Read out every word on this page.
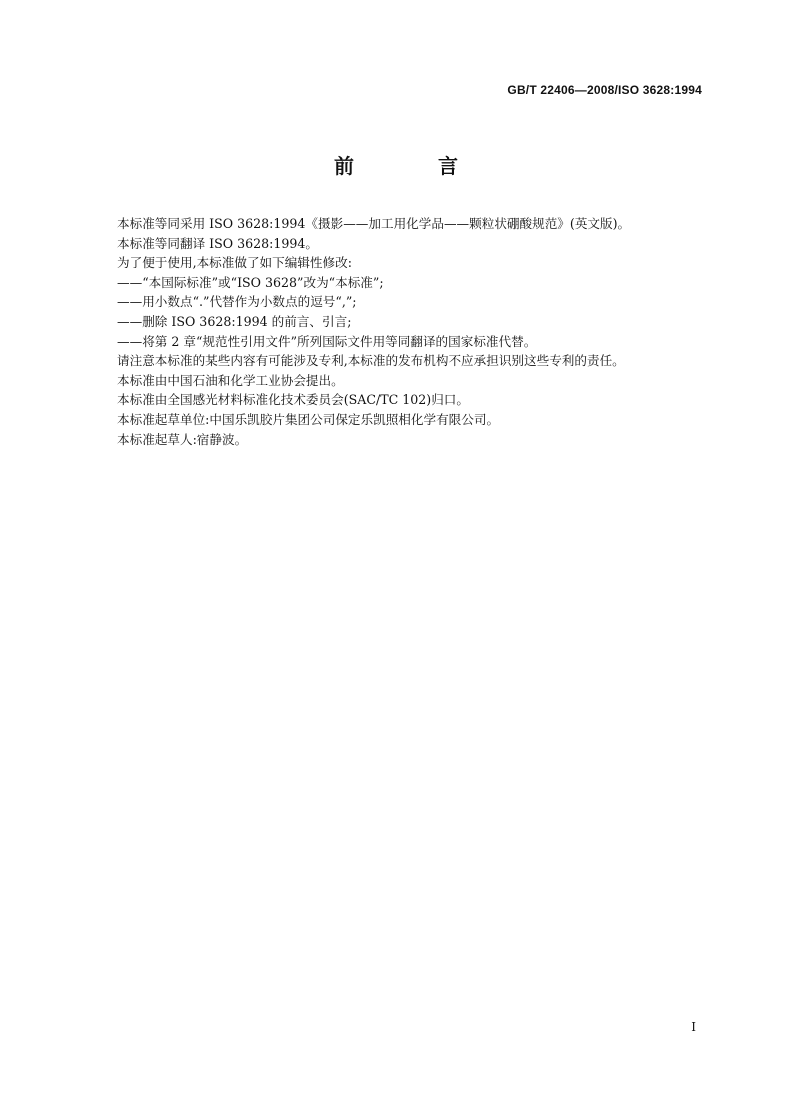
GB/T 22406—2008/ISO 3628:1994
前　言
本标准等同采用 ISO 3628:1994《摄影——加工用化学品——颗粒状硼酸规范》(英文版)。
本标准等同翻译 ISO 3628:1994。
为了便于使用,本标准做了如下编辑性修改:
——“本国际标准”或“ISO 3628”改为“本标准”;
——用小数点“.”代替作为小数点的逗号“,”;
——删除 ISO 3628:1994 的前言、引言;
——将第 2 章“规范性引用文件”所列国际文件用等同翻译的国家标准代替。
请注意本标准的某些内容有可能涉及专利,本标准的发布机构不应承担识别这些专利的责任。
本标准由中国石油和化学工业协会提出。
本标准由全国感光材料标准化技术委员会(SAC/TC 102)归口。
本标准起草单位:中国乐凯胶片集团公司保定乐凯照相化学有限公司。
本标准起草人:宿静波。
I
